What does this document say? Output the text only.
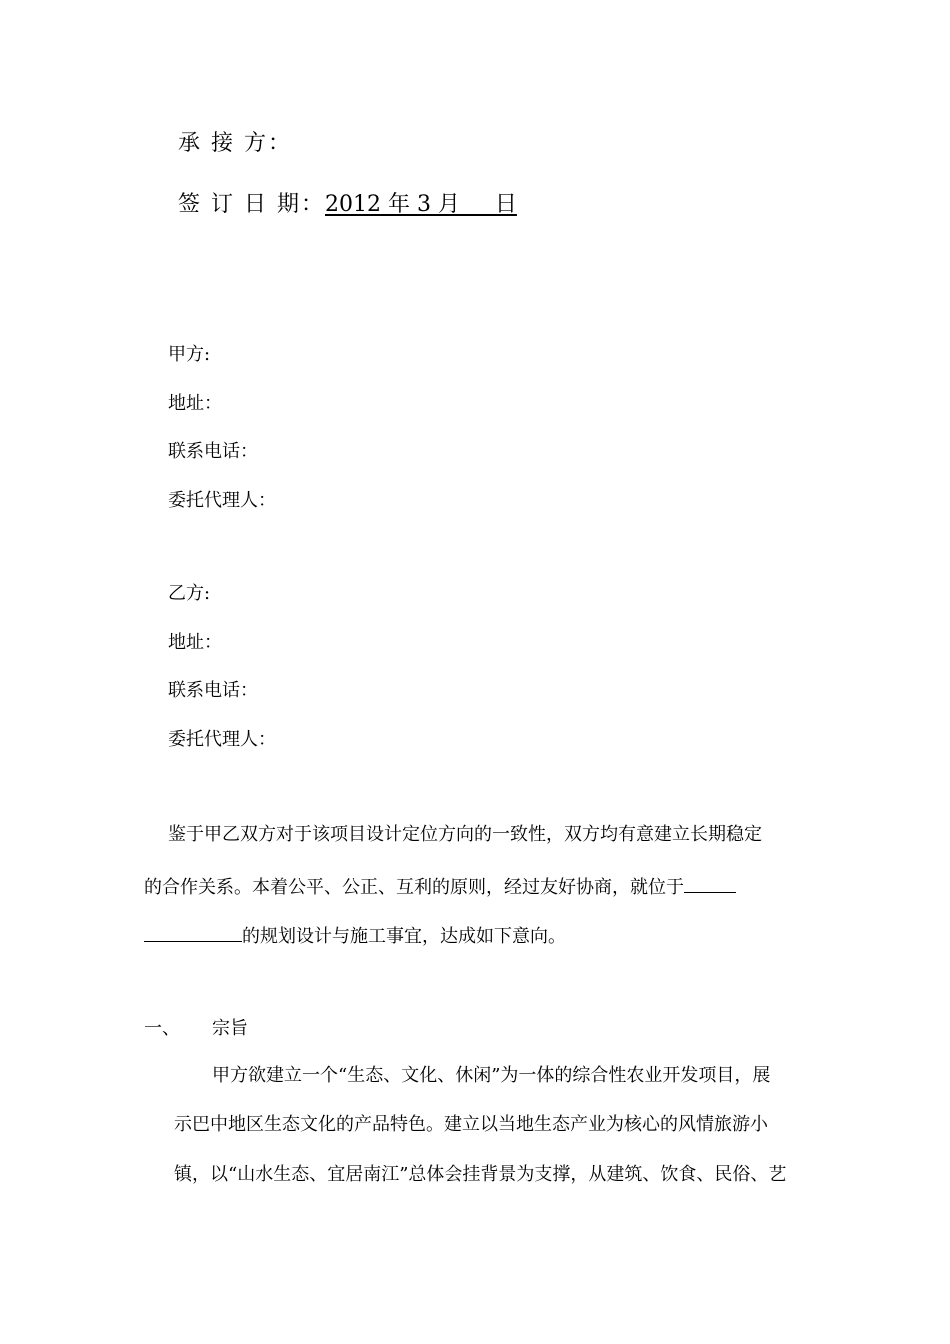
承 接 方：
签 订 日 期：2012 年 3 月     日
甲方:
地址：
联系电话：
委托代理人：
乙方:
地址：
联系电话：
委托代理人：
鉴于甲乙双方对于该项目设计定位方向的一致性，双方均有意建立长期稳定
的合作关系。本着公平、公正、互利的原则，经过友好协商，就位于
的规划设计与施工事宜，达成如下意向。
一、 宗旨
甲方欲建立一个“生态、文化、休闲”为一体的综合性农业开发项目，展
示巴中地区生态文化的产品特色。建立以当地生态产业为核心的风情旅游小
镇，以“山水生态、宜居南江”总体会挂背景为支撑，从建筑、饮食、民俗、艺
